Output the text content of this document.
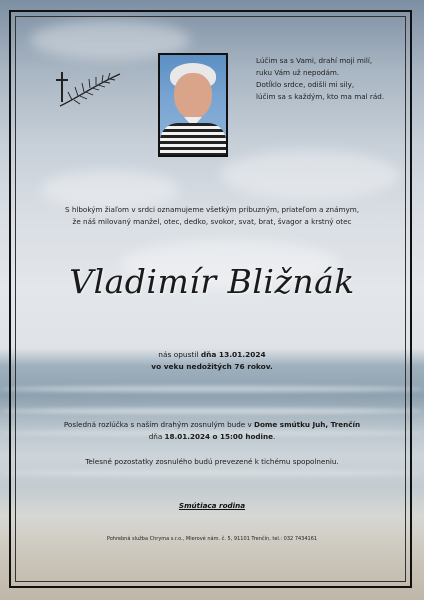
Lúčim sa s Vami, drahí moji milí,
ruku Vám už nepodám.
Dotĺklo srdce, odišli mi sily,
lúčim sa s každým, kto ma mal rád.
S hlbokým žiaľom v srdci oznamujeme všetkým príbuzným, priateľom a známym,
že náš milovaný manžel, otec, dedko, svokor, svat, brat, švagor a krstný otec
Vladimír Bližnák
nás opustil dňa 13.01.2024
vo veku nedožitých 76 rokov.
Posledná rozlúčka s naším drahým zosnulým bude v Dome smútku Juh, Trenčín
dňa 18.01.2024 o 15:00 hodine.
Telesné pozostatky zosnulého budú prevezené k tichému spopolneniu.
Smútiaca rodina
Pohrebná služba Chryma s.r.o., Mierové nám. č. 5, 91101 Trenčín, tel.: 032 7434161
